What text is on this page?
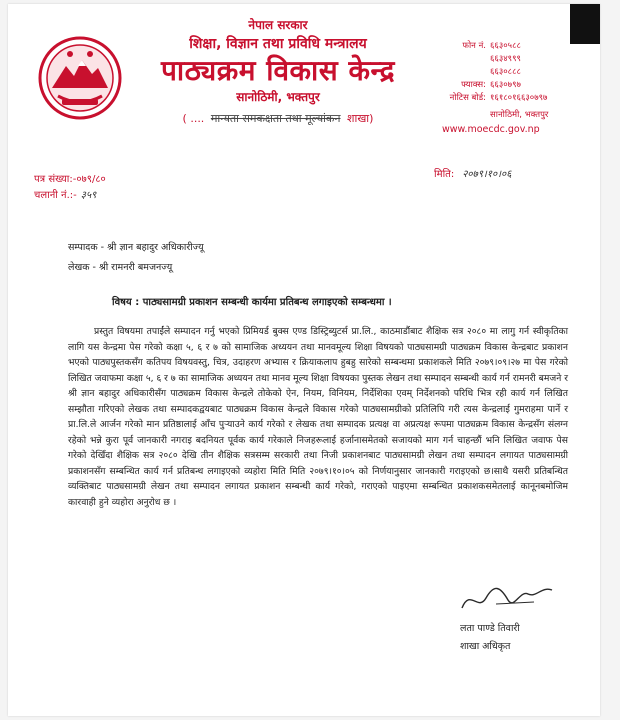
नेपाल सरकार
शिक्षा, विज्ञान तथा प्रविधि मन्त्रालय
पाठ्यक्रम विकास केन्द्र
सानोठिमी, भक्तपुर
( .... मान्यता समकक्षता तथा मूल्यांकन शाखा)
फोन नं. ६६३०५८८
६६३४९९९
६६३०८८८
फ्याक्स: ६६३०७९७
नोटिस बोर्ड: १६१८०१६६३०७९७
सानोठिमी, भक्तपुर
www.moecdc.gov.np
पत्र संख्या:-०७९/८०
चलानी नं.:- ३५९
मिति: २०७९।१०।०६
सम्पादक - श्री ज्ञान बहादुर अधिकारीज्यू
लेखक - श्री रामनरी बमजनज्यू
विषय : पाठ्यसामग्री प्रकाशन सम्बन्धी कार्यमा प्रतिबन्ध लगाइएको सम्बन्धमा ।
प्रस्तुत विषयमा तपाईंले सम्पादन गर्नु भएको प्रिमियर्ड बुक्स एण्ड डिस्ट्रिब्युटर्स प्रा.लि., काठमाडौंबाट शैक्षिक सत्र २०८० मा लागु गर्न स्वीकृतिका लागि यस केन्द्रमा पेस गरेको कक्षा ५, ६ र ७ को सामाजिक अध्ययन तथा मानवमूल्य शिक्षा विषयको पाठ्यसामग्री पाठ्यक्रम विकास केन्द्रबाट प्रकाशन भएको पाठ्यपुस्तकसँग कतिपय विषयवस्तु, चित्र, उदाहरण अभ्यास र क्रियाकलाप हुबहु सारेको सम्बन्धमा प्रकाशकले मिति २०७९।०९।२७ मा पेस गरेको लिखित जवाफमा कक्षा ५, ६ र ७ का सामाजिक अध्ययन तथा मानव मूल्य शिक्षा विषयका पुस्तक लेखन तथा सम्पादन सम्बन्धी कार्य गर्न रामनरी बमजने र श्री ज्ञान बहादुर अधिकारीसँग पाठ्यक्रम विकास केन्द्रले तोकेको ऐन, नियम, विनियम, निर्देशिका एवम् निर्देशनको परिधि भित्र रही कार्य गर्न लिखित सम्झौता गरिएको लेखक तथा सम्पादकद्वयबाट पाठ्यक्रम विकास केन्द्रले विकास गरेको पाठ्यसामग्रीको प्रतिलिपि गरी त्यस केन्द्रलाई गुमराहमा पार्ने र प्रा.लि.ले आर्जन गरेको मान प्रतिष्ठालाई आँच पुर्‍याउने कार्य गरेको र लेखक तथा सम्पादक प्रत्यक्ष वा अप्रत्यक्ष रूपमा पाठ्यक्रम विकास केन्द्रसँग संलग्न रहेको भन्ने कुरा पूर्व जानकारी नगराइ बदनियत पूर्वक कार्य गरेकाले निजहरूलाई हर्जानासमेतको सजायको माग गर्न चाहन्छौं भनि लिखित जवाफ पेस गरेको देखिँदा शैक्षिक सत्र २०८० देखि तीन शैक्षिक सत्रसम्म सरकारी तथा निजी प्रकाशनबाट पाठ्यसामग्री लेखन तथा सम्पादन लगायत पाठ्यसामग्री प्रकाशनसँग सम्बन्धित कार्य गर्न प्रतिबन्ध लगाइएको व्यहोरा मिति मिति २०७९।१०।०५ को निर्णयानुसार जानकारी गराइएको छ।साथै यसरी प्रतिबन्धित व्यक्तिबाट पाठ्यसामग्री लेखन तथा सम्पादन लगायत प्रकाशन सम्बन्धी कार्य गरेको, गराएको पाइएमा सम्बन्धित प्रकाशकसमेतलाई कानूनबमोजिम कारवाही हुने व्यहोरा अनुरोध छ ।
लता पाण्डे तिवारी
शाखा अधिकृत
